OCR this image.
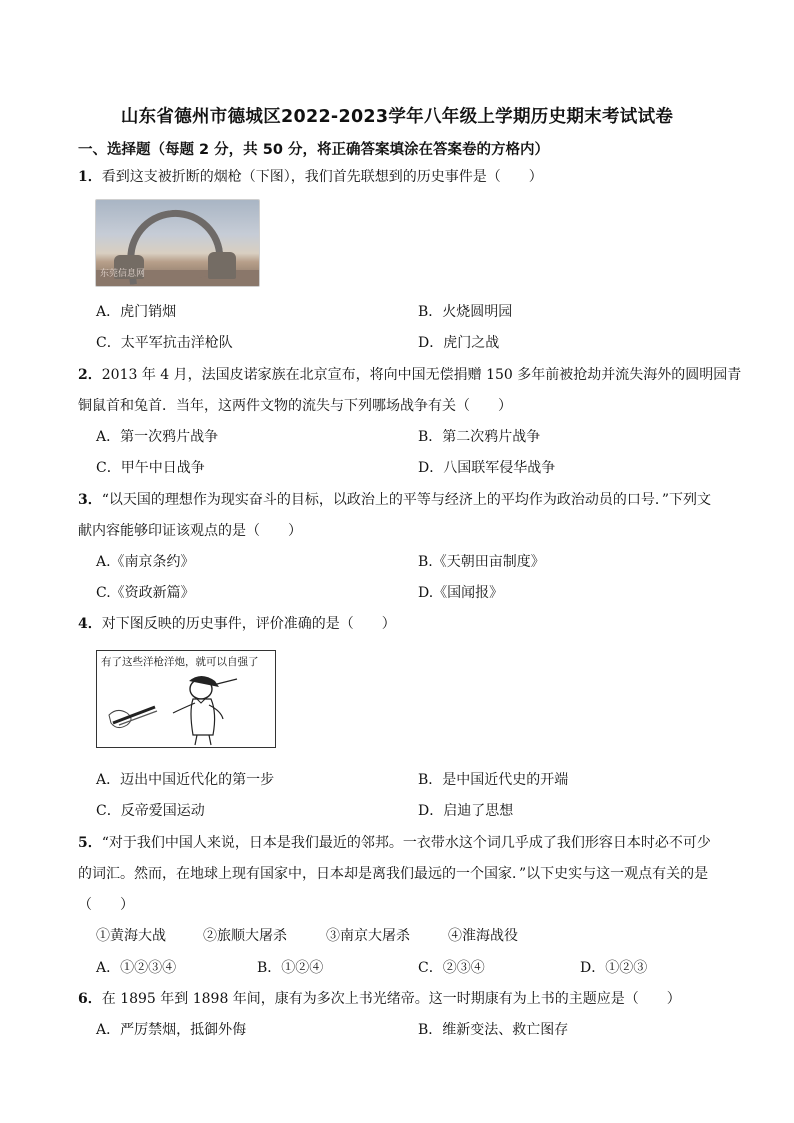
山东省德州市德城区2022-2023学年八年级上学期历史期末考试试卷
一、选择题（每题 2 分，共 50 分，将正确答案填涂在答案卷的方格内）
1．看到这支被折断的烟枪（下图），我们首先联想到的历史事件是（　　）
东莞信息网
A．虎门销烟	B．火烧圆明园
C．太平军抗击洋枪队	D．虎门之战
2．2013 年 4 月，法国皮诺家族在北京宣布，将向中国无偿捐赠 150 多年前被抢劫并流失海外的圆明园青
铜鼠首和兔首．当年，这两件文物的流失与下列哪场战争有关（　　）
A．第一次鸦片战争	B．第二次鸦片战争
C．甲午中日战争	D．八国联军侵华战争
3．“以天国的理想作为现实奋斗的目标，以政治上的平等与经济上的平均作为政治动员的口号．”下列文
献内容能够印证该观点的是（　　）
A.《南京条约》	B.《天朝田亩制度》
C.《资政新篇》	D.《国闻报》
4．对下图反映的历史事件，评价准确的是（　　）
有了这些洋枪洋炮，就可以自强了
A．迈出中国近代化的第一步	B．是中国近代史的开端
C．反帝爱国运动	D．启迪了思想
5．“对于我们中国人来说，日本是我们最近的邻邦。一衣带水这个词几乎成了我们形容日本时必不可少
的词汇。然而，在地球上现有国家中，日本却是离我们最远的一个国家．”以下史实与这一观点有关的是
（　　）
①黄海大战	②旅顺大屠杀	③南京大屠杀	④淮海战役
A．①②③④	B．①②④	C．②③④	D．①②③
6．在 1895 年到 1898 年间，康有为多次上书光绪帝。这一时期康有为上书的主题应是（　　）
A．严厉禁烟，抵御外侮	B．维新变法、救亡图存
